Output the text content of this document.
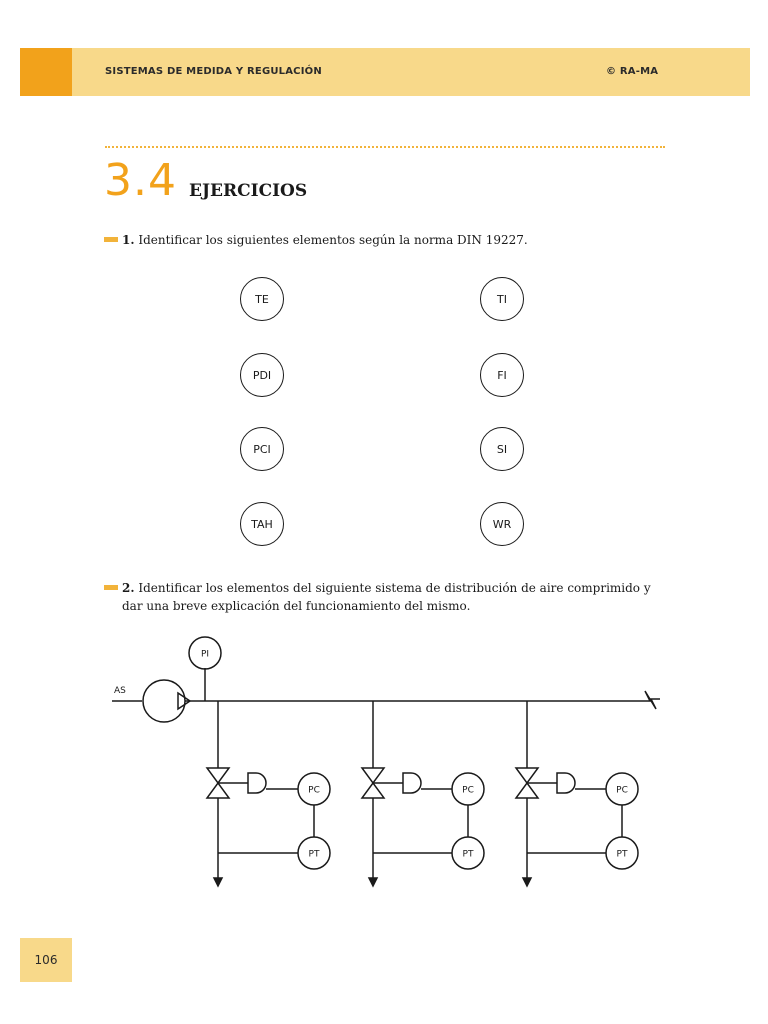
SISTEMAS DE MEDIDA Y REGULACIÓN	© RA-MA
3.4 EJERCICIOS
1. Identificar los siguientes elementos según la norma DIN 19227.
TE	TI
PDI	FI
PCI	SI
TAH	WR
2. Identificar los elementos del siguiente sistema de distribución de aire comprimido y
dar una breve explicación del funcionamiento del mismo.
AS
PI
PC
PT
PC
PT
PC
PT
106
